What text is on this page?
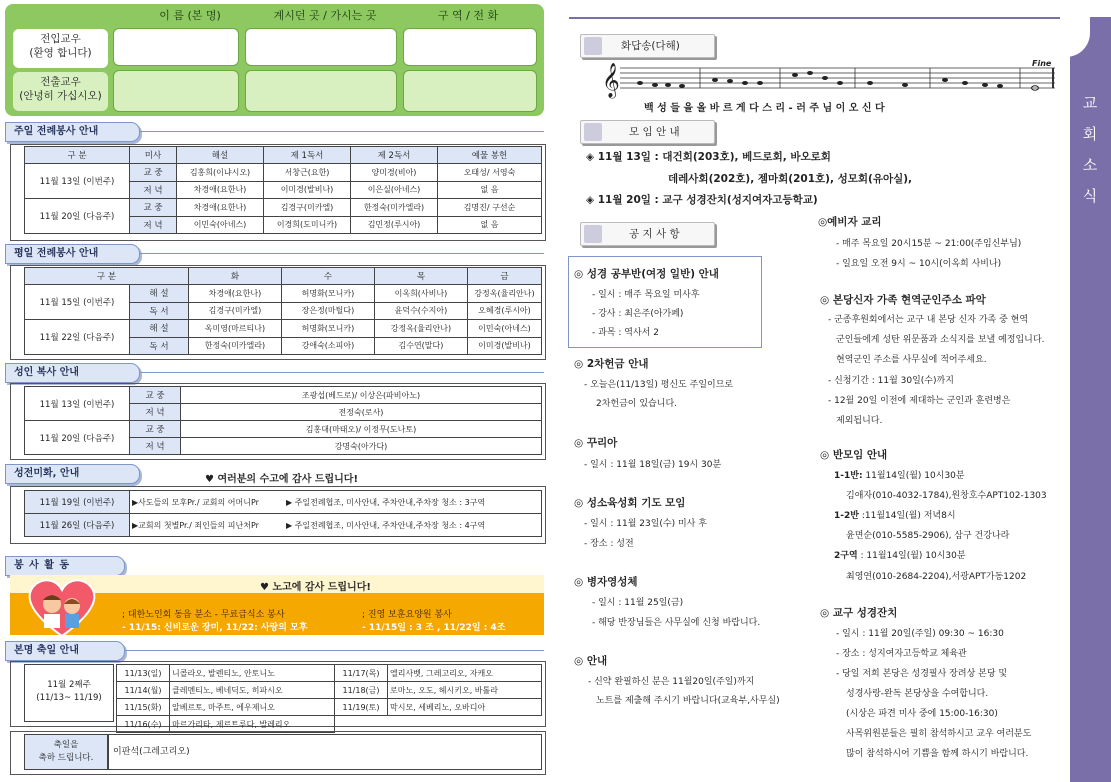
이 름 (본 명)	계시던 곳 / 가시는 곳	구 역 / 전 화
전입교우
(환영 합니다)
전출교우
(안녕히 가십시오)
주일 전례봉사 안내
구 분	미사	해설	제 1독서	제 2독서	예물 봉헌
11월 13일 (이번주)	교 중	김홍희(이냐시오)	서창근(요한)	양미경(비아)	오태성/ 서영숙
	저 녁	차경애(요한나)	이미경(발비나)	이은실(아네스)	없 음
11월 20일 (다음주)	교 중	차경애(요한나)	김경구(미카엘)	한정숙(미카엘라)	김명진/ 구선순
	저 녁	이민숙(아네스)	이경희(도미니카)	김민정(루시아)	없 음
평일 전례봉사 안내
구 분		화	수	목	금
11월 15일 (이번주)	해 설	차경애(요한나)	허명화(모니카)	이옥희(사비나)	강정옥(율리안나)
	독 서	김경구(미카엘)	장은정(마틸다)	윤덕수(수지아)	오혜경(루시아)
11월 22일 (다음주)	해 설	옥미영(마르티나)	허명화(모니카)	강정옥(율리안나)	이민숙(아네스)
	독 서	한정숙(미카엘라)	강애숙(소피아)	김수연(말다)	이미경(발비나)
성인 복사 안내
11월 13일 (이번주)	교 중	조광섭(베드로)/ 이상은(파비아노)
	저 녁	전정숙(로사)
11월 20일 (다음주)	교 중	김홍대(마태오)/ 이정무(도나토)
	저 녁	강명숙(아가다)
성전미화, 안내
♥ 여러분의 수고에 감사 드립니다!
11월 19일 (이번주)	▶사도들의 모후Pr./ 교회의 어머니Pr	▶ 주일전례협조, 미사안내, 주차안내,주차장 청소 : 3구역
11월 26일 (다음주)	▶교회의 첫별Pr./ 죄인들의 피난처Pr	▶ 주일전례협조, 미사안내, 주차안내,주차장 청소 : 4구역
봉 사 활 동
♥ 노고에 감사 드립니다!
; 대한노인회 동읍 분소 - 무료급식소 봉사
- 11/15: 신비로운 장미, 11/22: 사랑의 모후
; 진영 보훈요양원 봉사
- 11/15일 : 3 조 , 11/22일 : 4조
본명 축일 안내
11월 2째주
(11/13~ 11/19)
11/13(일)	니콜라오, 발렌티노, 안토니노	11/17(목)	엘리사벳, 그레고리오, 자캐오
11/14(월)	클레멘티노, 베네딕도, 히파시오	11/18(금)	로마노, 오도, 헤시키오, 바톨라
11/15(화)	알베르토, 마주트, 에우제니오	11/19(토)	막시모, 세베리노, 오바디아
11/16(수)	마르가리타, 제르트루다, 발레리오		
축일을
축하 드립니다.
이판석(그레고리오)
교
회
소
식
화답송(다해)
𝄞	Fine
백 성 들 을 올 바 르 게 다 스 리 - 러 주 님 이 오 신 다
모 임 안 내
◈ 11월 13일 : 대건회(203호), 베드로회, 바오로회
데레사회(202호), 젬마회(201호), 성모회(유아실),
◈ 11월 20일 : 교구 성경잔치(성지여자고등학교)
공 지 사 항
◎ 성경 공부반(여정 일반) 안내
- 일시 : 매주 목요일 미사후
- 강사 : 최은주(아가페)
- 과목 : 역사서 2
◎ 2차헌금 안내
- 오늘은(11/13일) 평신도 주일이므로
2차헌금이 있습니다.
◎ 꾸리아
- 일시 : 11월 18일(금) 19시 30분
◎ 성소육성회 기도 모임
- 일시 : 11월 23일(수) 미사 후
- 장소 : 성전
◎ 병자영성체
- 일시 : 11월 25일(금)
- 해당 반장님들은 사무실에 신청 바랍니다.
◎ 안내
- 신약 완필하신 분은 11월20일(주일)까지
노트를 제출해 주시기 바랍니다(교육부,사무실)
◎예비자 교리
- 매주 목요일 20시15분 ~ 21:00(주임신부님)
- 일요일 오전 9시 ~ 10시(이옥희 사비나)
◎ 본당신자 가족 현역군인주소 파악
- 군종후원회에서는 교구 내 본당 신자 가족 중 현역
군인들에게 성탄 위문품과 소식지를 보낼 예정입니다.
현역군인 주소를 사무실에 적어주세요.
- 신청기간 : 11월 30일(수)까지
- 12월 20일 이전에 제대하는 군인과 훈련병은
제외됩니다.
◎ 반모임 안내
1-1반: 11월14일(월) 10시30분
김애자(010-4032-1784),원창호수APT102-1303
1-2반 :11월14일(월) 저녁8시
윤면순(010-5585-2906), 삼구 건강나라
2구역 : 11월14일(월) 10시30분
최영연(010-2684-2204),서광APT가동1202
◎ 교구 성경잔치
- 일시 : 11월 20일(주일) 09:30 ~ 16:30
- 장소 : 성지여자고등학교 체육관
- 당일 저희 본당은 성경필사 장려상 본당 및
성경사랑-완독 본당상을 수여합니다.
(시상은 파견 미사 중에 15:00-16:30)
사목위원분들은 필히 참석하시고 교우 여러분도
많이 참석하시어 기쁨을 함께 하시기 바랍니다.
